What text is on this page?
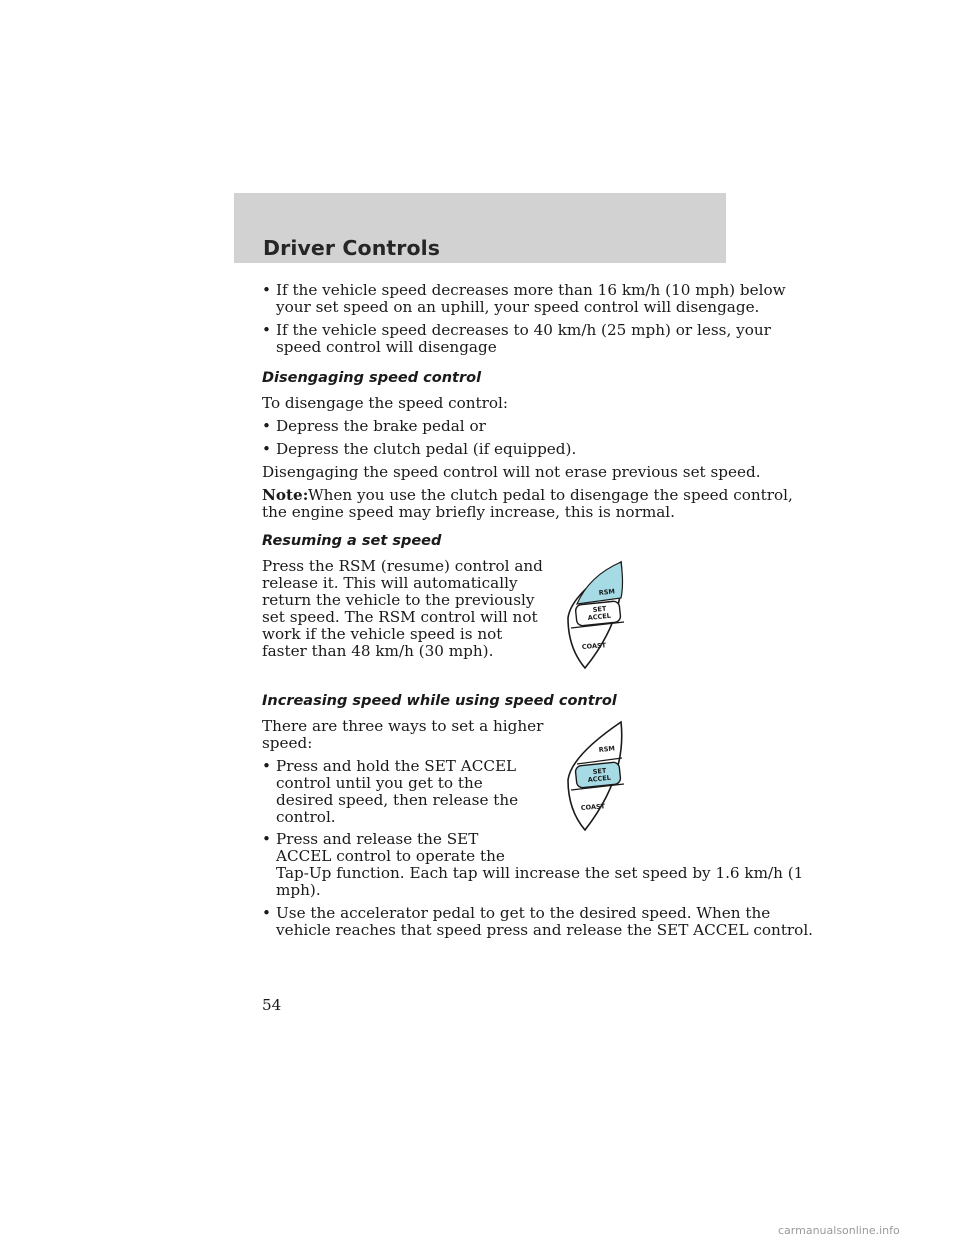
Driver Controls
• If the vehicle speed decreases more than 16 km/h (10 mph) below
your set speed on an uphill, your speed control will disengage.
• If the vehicle speed decreases to 40 km/h (25 mph) or less, your
speed control will disengage
Disengaging speed control
To disengage the speed control:
• Depress the brake pedal or
• Depress the clutch pedal (if equipped).
Disengaging the speed control will not erase previous set speed.
Note: When you use the clutch pedal to disengage the speed control,
the engine speed may briefly increase, this is normal.
Resuming a set speed
Press the RSM (resume) control and
release it. This will automatically
return the vehicle to the previously
set speed. The RSM control will not
work if the vehicle speed is not
faster than 48 km/h (30 mph).
RSM
SET
ACCEL
COAST
Increasing speed while using speed control
There are three ways to set a higher
speed:
• Press and hold the SET ACCEL
control until you get to the
desired speed, then release the
control.
• Press and release the SET
ACCEL control to operate the
Tap-Up function. Each tap will increase the set speed by 1.6 km/h (1
mph).
• Use the accelerator pedal to get to the desired speed. When the
vehicle reaches that speed press and release the SET ACCEL control.
RSM
SET
ACCEL
COAST
54
carmanualsonline.info
